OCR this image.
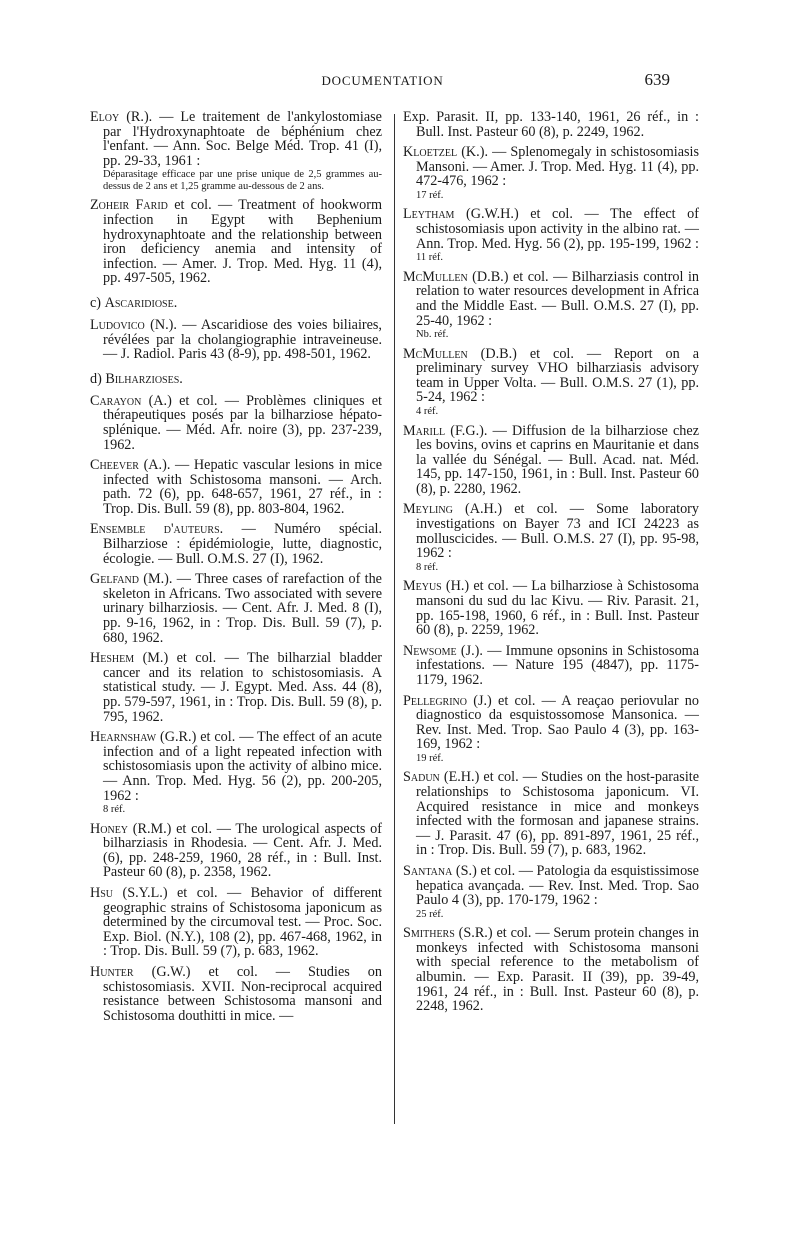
DOCUMENTATION	639

Eloy (R.). — Le traitement de l'ankylostomiase par l'Hydroxynaphtoate de béphénium chez l'enfant. — Ann. Soc. Belge Méd. Trop. 41 (I), pp. 29-33, 1961 :
Déparasitage efficace par une prise unique de 2,5 grammes au-dessus de 2 ans et 1,25 gramme au-dessous de 2 ans.

Zoheir Farid et col. — Treatment of hookworm infection in Egypt with Bephenium hydroxynaphtoate and the relationship between iron deficiency anemia and intensity of infection. — Amer. J. Trop. Med. Hyg. 11 (4), pp. 497-505, 1962.

c) Ascaridiose.

Ludovico (N.). — Ascaridiose des voies biliaires, révélées par la cholangiographie intraveineuse. — J. Radiol. Paris 43 (8-9), pp. 498-501, 1962.

d) Bilharzioses.

Carayon (A.) et col. — Problèmes cliniques et thérapeutiques posés par la bilharziose hépato-splénique. — Méd. Afr. noire (3), pp. 237-239, 1962.

Cheever (A.). — Hepatic vascular lesions in mice infected with Schistosoma mansoni. — Arch. path. 72 (6), pp. 648-657, 1961, 27 réf., in : Trop. Dis. Bull. 59 (8), pp. 803-804, 1962.

Ensemble d'auteurs. — Numéro spécial. Bilharziose : épidémiologie, lutte, diagnostic, écologie. — Bull. O.M.S. 27 (I), 1962.

Gelfand (M.). — Three cases of rarefaction of the skeleton in Africans. Two associated with severe urinary bilharziosis. — Cent. Afr. J. Med. 8 (I), pp. 9-16, 1962, in : Trop. Dis. Bull. 59 (7), p. 680, 1962.

Heshem (M.) et col. — The bilharzial bladder cancer and its relation to schistosomiasis. A statistical study. — J. Egypt. Med. Ass. 44 (8), pp. 579-597, 1961, in : Trop. Dis. Bull. 59 (8), p. 795, 1962.

Hearnshaw (G.R.) et col. — The effect of an acute infection and of a light repeated infection with schistosomiasis upon the activity of albino mice. — Ann. Trop. Med. Hyg. 56 (2), pp. 200-205, 1962 :
8 réf.

Honey (R.M.) et col. — The urological aspects of bilharziasis in Rhodesia. — Cent. Afr. J. Med. (6), pp. 248-259, 1960, 28 réf., in : Bull. Inst. Pasteur 60 (8), p. 2358, 1962.

Hsu (S.Y.L.) et col. — Behavior of different geographic strains of Schistosoma japonicum as determined by the circumoval test. — Proc. Soc. Exp. Biol. (N.Y.), 108 (2), pp. 467-468, 1962, in : Trop. Dis. Bull. 59 (7), p. 683, 1962.

Hunter (G.W.) et col. — Studies on schistosomiasis. XVII. Non-reciprocal acquired resistance between Schistosoma mansoni and Schistosoma douthitti in mice. —

Exp. Parasit. II, pp. 133-140, 1961, 26 réf., in : Bull. Inst. Pasteur 60 (8), p. 2249, 1962.

Kloetzel (K.). — Splenomegaly in schistosomiasis Mansoni. — Amer. J. Trop. Med. Hyg. 11 (4), pp. 472-476, 1962 :
17 réf.

Leytham (G.W.H.) et col. — The effect of schistosomiasis upon activity in the albino rat. — Ann. Trop. Med. Hyg. 56 (2), pp. 195-199, 1962 :
11 réf.

McMullen (D.B.) et col. — Bilharziasis control in relation to water resources development in Africa and the Middle East. — Bull. O.M.S. 27 (I), pp. 25-40, 1962 :
Nb. réf.

McMullen (D.B.) et col. — Report on a preliminary survey VHO bilharziasis advisory team in Upper Volta. — Bull. O.M.S. 27 (1), pp. 5-24, 1962 :
4 réf.

Marill (F.G.). — Diffusion de la bilharziose chez les bovins, ovins et caprins en Mauritanie et dans la vallée du Sénégal. — Bull. Acad. nat. Méd. 145, pp. 147-150, 1961, in : Bull. Inst. Pasteur 60 (8), p. 2280, 1962.

Meyling (A.H.) et col. — Some laboratory investigations on Bayer 73 and ICI 24223 as molluscicides. — Bull. O.M.S. 27 (I), pp. 95-98, 1962 :
8 réf.

Meyus (H.) et col. — La bilharziose à Schistosoma mansoni du sud du lac Kivu. — Riv. Parasit. 21, pp. 165-198, 1960, 6 réf., in : Bull. Inst. Pasteur 60 (8), p. 2259, 1962.

Newsome (J.). — Immune opsonins in Schistosoma infestations. — Nature 195 (4847), pp. 1175-1179, 1962.

Pellegrino (J.) et col. — A reaçao periovular no diagnostico da esquistossomose Mansonica. — Rev. Inst. Med. Trop. Sao Paulo 4 (3), pp. 163-169, 1962 :
19 réf.

Sadun (E.H.) et col. — Studies on the host-parasite relationships to Schistosoma japonicum. VI. Acquired resistance in mice and monkeys infected with the formosan and japanese strains. — J. Parasit. 47 (6), pp. 891-897, 1961, 25 réf., in : Trop. Dis. Bull. 59 (7), p. 683, 1962.

Santana (S.) et col. — Patologia da esquistissimose hepatica avançada. — Rev. Inst. Med. Trop. Sao Paulo 4 (3), pp. 170-179, 1962 :
25 réf.

Smithers (S.R.) et col. — Serum protein changes in monkeys infected with Schistosoma mansoni with special reference to the metabolism of albumin. — Exp. Parasit. II (39), pp. 39-49, 1961, 24 réf., in : Bull. Inst. Pasteur 60 (8), p. 2248, 1962.
